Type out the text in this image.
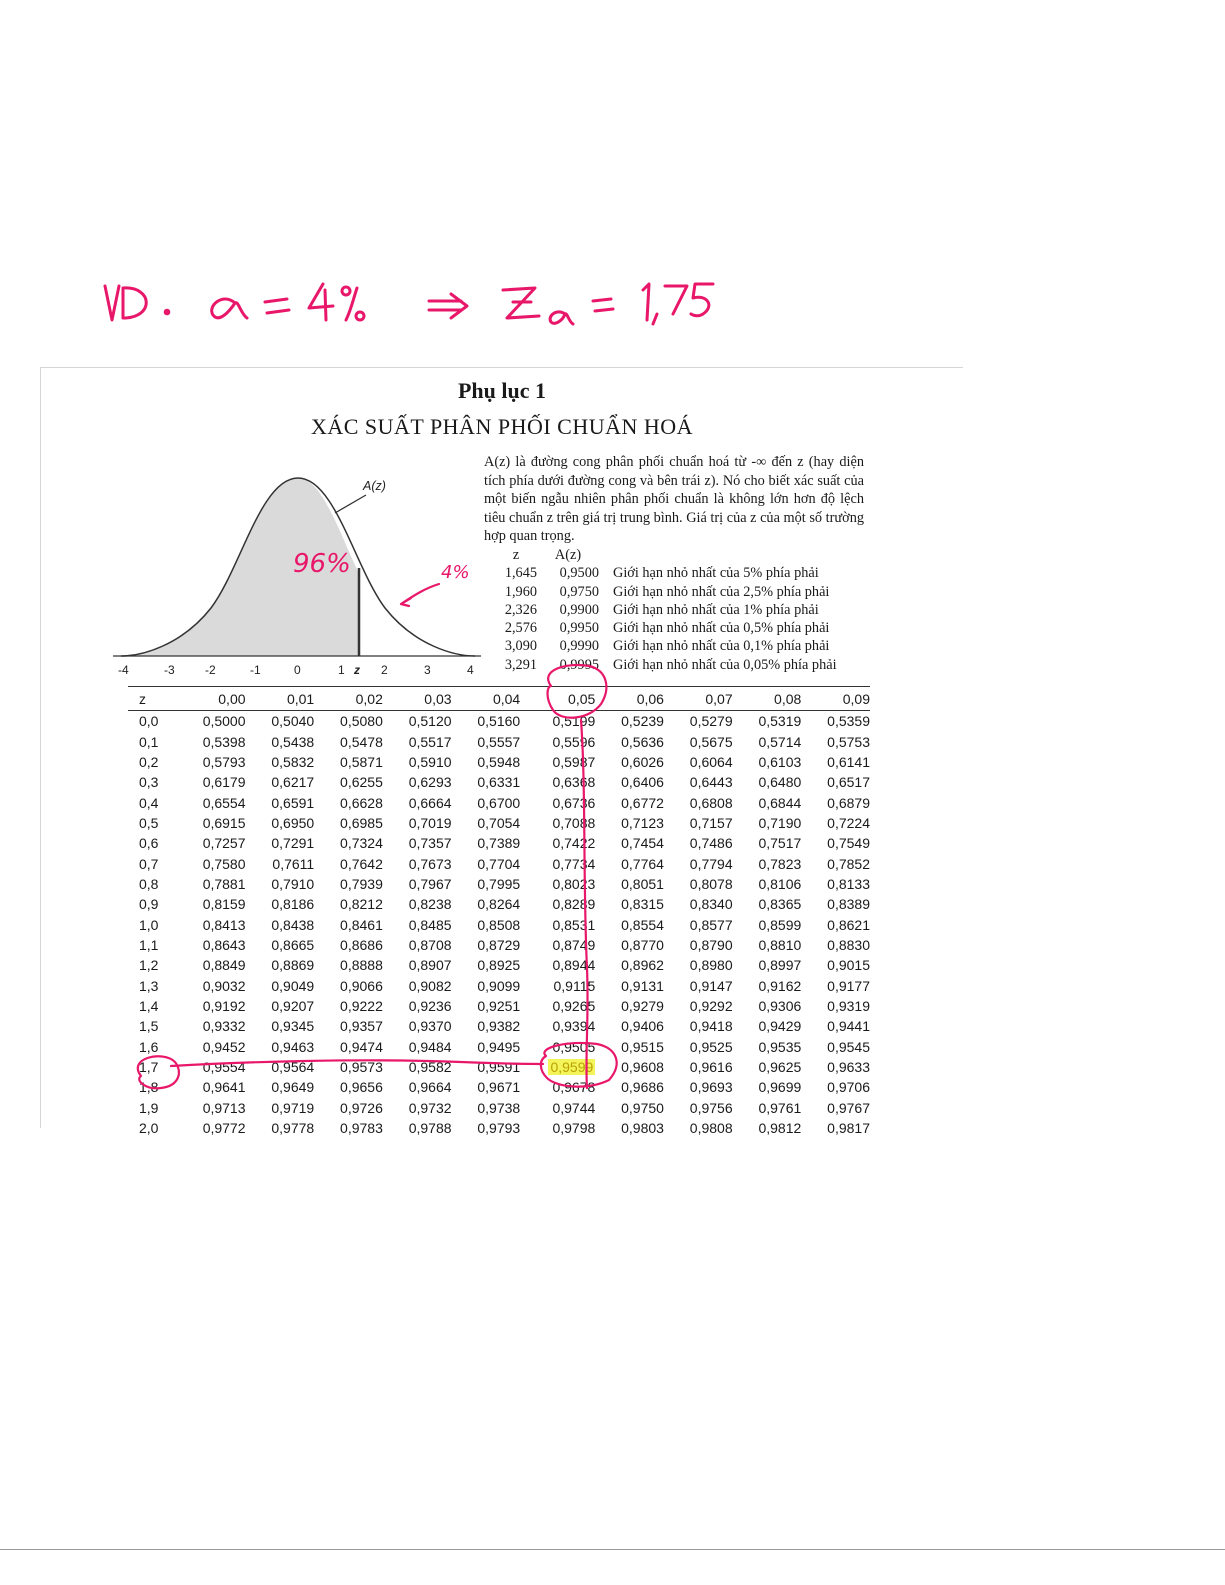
Phụ lục 1
XÁC SUẤT PHÂN PHỐI CHUẨN HOÁ
A(z)
-4	-3	-2	-1	0	1 z 2	3	4
96%	4%
A(z) là đường cong phân phối chuẩn hoá từ -∞ đến z (hay diện tích phía dưới đường cong và bên trái z). Nó cho biết xác suất của một biến ngẫu nhiên phân phối chuẩn là không lớn hơn độ lệch tiêu chuẩn z trên giá trị trung bình. Giá trị của z của một số trường hợp quan trọng.
z	A(z)
1,645	0,9500 Giới hạn nhỏ nhất của 5% phía phải
1,960	0,9750 Giới hạn nhỏ nhất của 2,5% phía phải
2,326	0,9900 Giới hạn nhỏ nhất của 1% phía phải
2,576	0,9950 Giới hạn nhỏ nhất của 0,5% phía phải
3,090	0,9990 Giới hạn nhỏ nhất của 0,1% phía phải
3,291	0,9995 Giới hạn nhỏ nhất của 0,05% phía phải
z	0,00	0,01	0,02	0,03	0,04	0,05	0,06	0,07	0,08	0,09
0,0	0,5000	0,5040	0,5080	0,5120	0,5160	0,5199	0,5239	0,5279	0,5319	0,5359
0,1	0,5398	0,5438	0,5478	0,5517	0,5557	0,5596	0,5636	0,5675	0,5714	0,5753
0,2	0,5793	0,5832	0,5871	0,5910	0,5948	0,5987	0,6026	0,6064	0,6103	0,6141
0,3	0,6179	0,6217	0,6255	0,6293	0,6331	0,6368	0,6406	0,6443	0,6480	0,6517
0,4	0,6554	0,6591	0,6628	0,6664	0,6700	0,6736	0,6772	0,6808	0,6844	0,6879
0,5	0,6915	0,6950	0,6985	0,7019	0,7054	0,7088	0,7123	0,7157	0,7190	0,7224
0,6	0,7257	0,7291	0,7324	0,7357	0,7389	0,7422	0,7454	0,7486	0,7517	0,7549
0,7	0,7580	0,7611	0,7642	0,7673	0,7704	0,7734	0,7764	0,7794	0,7823	0,7852
0,8	0,7881	0,7910	0,7939	0,7967	0,7995	0,8023	0,8051	0,8078	0,8106	0,8133
0,9	0,8159	0,8186	0,8212	0,8238	0,8264	0,8289	0,8315	0,8340	0,8365	0,8389
1,0	0,8413	0,8438	0,8461	0,8485	0,8508	0,8531	0,8554	0,8577	0,8599	0,8621
1,1	0,8643	0,8665	0,8686	0,8708	0,8729	0,8749	0,8770	0,8790	0,8810	0,8830
1,2	0,8849	0,8869	0,8888	0,8907	0,8925	0,8944	0,8962	0,8980	0,8997	0,9015
1,3	0,9032	0,9049	0,9066	0,9082	0,9099	0,9115	0,9131	0,9147	0,9162	0,9177
1,4	0,9192	0,9207	0,9222	0,9236	0,9251	0,9265	0,9279	0,9292	0,9306	0,9319
1,5	0,9332	0,9345	0,9357	0,9370	0,9382	0,9394	0,9406	0,9418	0,9429	0,9441
1,6	0,9452	0,9463	0,9474	0,9484	0,9495	0,9505	0,9515	0,9525	0,9535	0,9545
1,7	0,9554	0,9564	0,9573	0,9582	0,9591	0,9599	0,9608	0,9616	0,9625	0,9633
1,8	0,9641	0,9649	0,9656	0,9664	0,9671	0,9678	0,9686	0,9693	0,9699	0,9706
1,9	0,9713	0,9719	0,9726	0,9732	0,9738	0,9744	0,9750	0,9756	0,9761	0,9767
2,0	0,9772	0,9778	0,9783	0,9788	0,9793	0,9798	0,9803	0,9808	0,9812	0,9817
